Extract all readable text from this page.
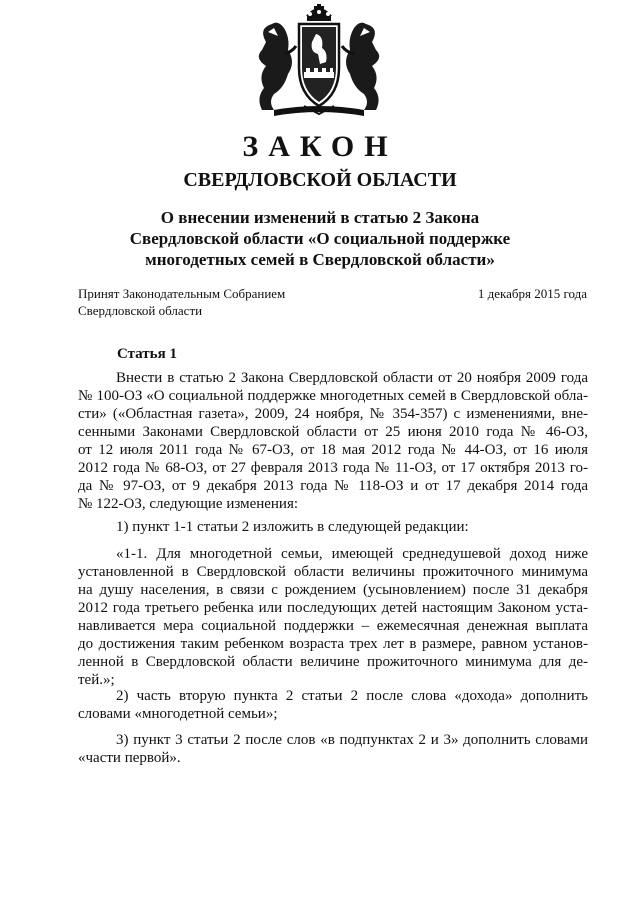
ЗАКОН
СВЕРДЛОВСКОЙ ОБЛАСТИ
О внесении изменений в статью 2 Закона
Свердловской области «О социальной поддержке
многодетных семей в Свердловской области»
Принят Законодательным Собранием
Свердловской области
1 декабря 2015 года
Статья 1
Внести в статью 2 Закона Свердловской области от 20 ноября 2009 года
№ 100-ОЗ «О социальной поддержке многодетных семей в Свердловской обла-
сти» («Областная газета», 2009, 24 ноября, № 354-357) с изменениями, вне-
сенными Законами Свердловской области от 25 июня 2010 года № 46-ОЗ,
от 12 июля 2011 года № 67-ОЗ, от 18 мая 2012 года № 44-ОЗ, от 16 июля
2012 года № 68-ОЗ, от 27 февраля 2013 года № 11-ОЗ, от 17 октября 2013 го-
да № 97-ОЗ, от 9 декабря 2013 года № 118-ОЗ и от 17 декабря 2014 года
№ 122-ОЗ, следующие изменения:
1) пункт 1-1 статьи 2 изложить в следующей редакции:
«1-1. Для многодетной семьи, имеющей среднедушевой доход ниже
установленной в Свердловской области величины прожиточного минимума
на душу населения, в связи с рождением (усыновлением) после 31 декабря
2012 года третьего ребенка или последующих детей настоящим Законом уста-
навливается мера социальной поддержки – ежемесячная денежная выплата
до достижения таким ребенком возраста трех лет в размере, равном установ-
ленной в Свердловской области величине прожиточного минимума для де-
тей.»;
2) часть вторую пункта 2 статьи 2 после слова «дохода» дополнить
словами «многодетной семьи»;
3) пункт 3 статьи 2 после слов «в подпунктах 2 и 3» дополнить словами
«части первой».
